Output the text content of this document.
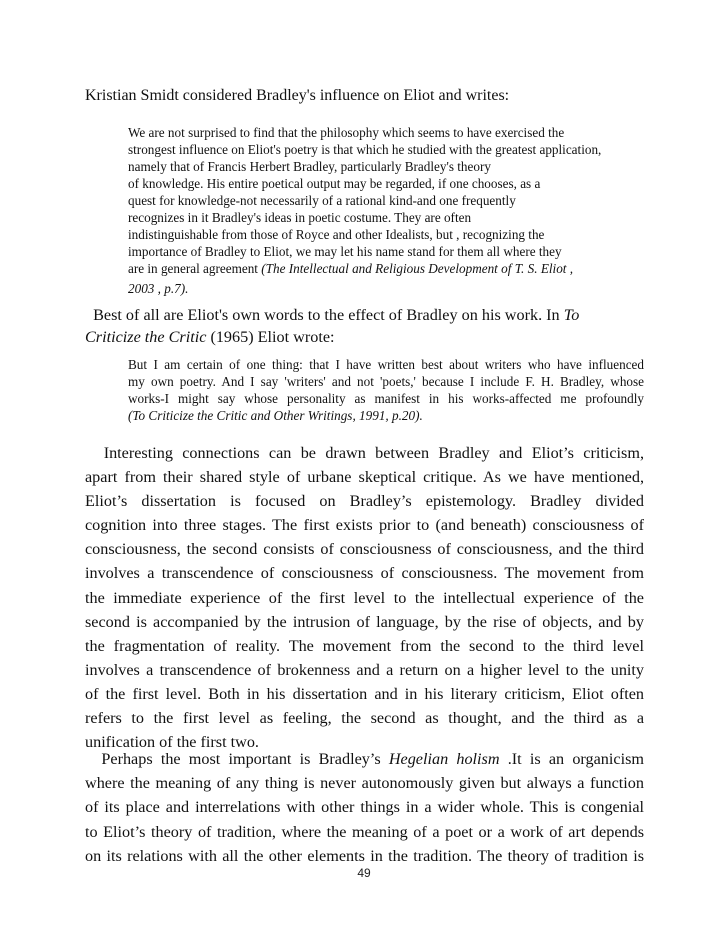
Kristian Smidt considered Bradley's influence on Eliot and writes:
We are not surprised to find that the philosophy which seems to have exercised the
strongest influence on Eliot's poetry is that which he studied with the greatest application,
namely that of Francis Herbert Bradley, particularly Bradley's theory
of knowledge. His entire poetical output may be regarded, if one chooses, as a
quest for knowledge-not necessarily of a rational kind-and one frequently
recognizes in it Bradley's ideas in poetic costume. They are often
indistinguishable from those of Royce and other Idealists, but , recognizing the
importance of Bradley to Eliot, we may let his name stand for them all where they
are in general agreement (The Intellectual and Religious Development of T. S. Eliot ,
2003 , p.7).
Best of all are Eliot's own words to the effect of Bradley on his work. In To
Criticize the Critic (1965) Eliot wrote:
But I am certain of one thing: that I have written best about writers who have influenced
my own poetry. And I say 'writers' and not 'poets,' because I include F. H. Bradley, whose
works-I might say whose personality as manifest in his works-affected me profoundly
(To Criticize the Critic and Other Writings, 1991, p.20).
Interesting connections can be drawn between Bradley and Eliot’s criticism,
apart from their shared style of urbane skeptical critique. As we have mentioned,
Eliot’s dissertation is focused on Bradley’s epistemology. Bradley divided
cognition into three stages. The first exists prior to (and beneath) consciousness of
consciousness, the second consists of consciousness of consciousness, and the third
involves a transcendence of consciousness of consciousness. The movement from
the immediate experience of the first level to the intellectual experience of the
second is accompanied by the intrusion of language, by the rise of objects, and by
the fragmentation of reality. The movement from the second to the third level
involves a transcendence of brokenness and a return on a higher level to the unity
of the first level. Both in his dissertation and in his literary criticism, Eliot often
refers to the first level as feeling, the second as thought, and the third as a
unification of the first two.
Perhaps the most important is Bradley’s Hegelian holism .It is an organicism
where the meaning of any thing is never autonomously given but always a function
of its place and interrelations with other things in a wider whole. This is congenial
to Eliot’s theory of tradition, where the meaning of a poet or a work of art depends
on its relations with all the other elements in the tradition. The theory of tradition is
49
